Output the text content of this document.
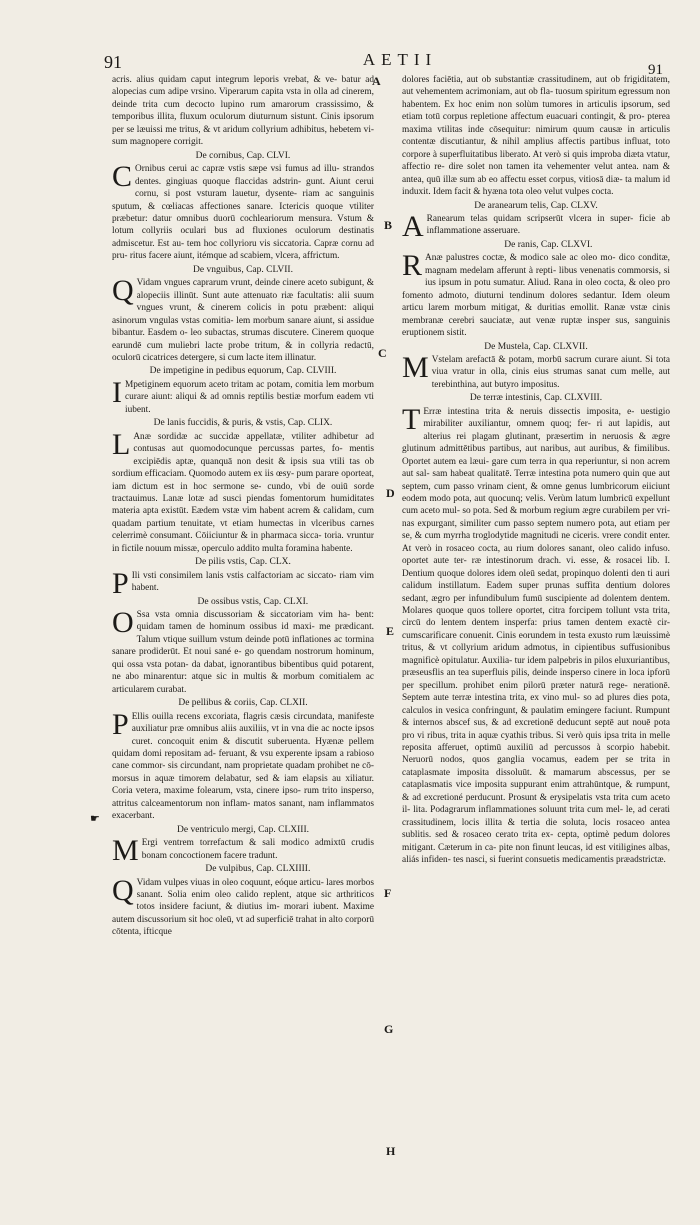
91	AETII
91
A
B
C
D
E
F
G
H
☛

acris. alius quidam caput integrum leporis vrebat, & ve- batur ad alopecias cum adipe vrsino. Viperarum capita vsta in olla ad cinerem, deinde trita cum decocto lupino rum amarorum crassissimo, & temporibus illita, fluxum oculorum diuturnum sistunt. Cinis ipsorum per se læuissi me tritus, & vt aridum collyrium adhibitus, hebetem vi- sum magnopere corrigit.

De cornibus, Cap. CLVI.

C Ornibus cerui ac capræ vstis sæpe vsi fumus ad illu- strandos dentes. gingiuas quoque flaccidas adstrin- gunt. Aiunt cerui cornu, si post vsturam lauetur, dysente- riam ac sanguinis sputum, & cœliacas affectiones sanare. Ictericis quoque vtiliter præbetur: datur omnibus duorū cochleariorum mensura. Vstum & lotum collyriis oculari bus ad fluxiones oculorum destinatis admiscetur. Est au- tem hoc collyrioru vis siccatoria. Capræ cornu ad pru- ritus facere aiunt, itémque ad scabiem, vlcera, affrictum.

De vnguibus, Cap. CLVII.

Q Vidam vngues caprarum vrunt, deinde cinere aceto subigunt, & alopeciis illinūt. Sunt aute attenuato riæ facultatis: alii suum vngues vrunt, & cinerem colicis in potu præbent: aliqui asinorum vngulas vstas comitia- lem morbum sanare aiunt, si assidue bibantur. Easdem o- leo subactas, strumas discutere. Cinerem quoque earundē cum muliebri lacte probe tritum, & in collyria redactū, oculorū cicatrices detergere, si cum lacte item illinatur.

De impetigine in pedibus equorum, Cap. CLVIII.

I Mpetiginem equorum aceto tritam ac potam, comitia lem morbum curare aiunt: aliqui & ad omnis reptilis bestiæ morfum eadem vti iubent.

De lanis fuccidis, & puris, & vstis, Cap. CLIX.

L Anæ sordidæ ac succidæ appellatæ, vtiliter adhibetur ad contusas aut quomodocunque percussas partes, fo- mentis excipiēdis aptæ, quanquā non desit & ipsis sua vtili tas ob sordium efficaciam. Quomodo autem ex iis œsy- pum parare oporteat, iam dictum est in hoc sermone se- cundo, vbi de ouiū sorde tractauimus. Lanæ lotæ ad susci piendas fomentorum humiditates materia apta existūt. Eædem vstæ vim habent acrem & calidam, cum quadam partium tenuitate, vt etiam humectas in vlceribus carnes celerrimè consumant. Cōiiciuntur & in pharmaca sicca- toria. vruntur in fictile nouum missæ, operculo addito multa foramina habente.

De pilis vstis, Cap. CLX.

P Ili vsti consimilem lanis vstis calfactoriam ac siccato- riam vim habent.

De ossibus vstis, Cap. CLXI.

O Ssa vsta omnia discussoriam & siccatoriam vim ha- bent: quidam tamen de hominum ossibus id maxi- me prædicant. Talum vtique suillum vstum deinde potū inflationes ac tormina sanare prodiderūt. Et noui sané e- go quendam nostrorum hominum, qui ossa vsta potan- da dabat, ignorantibus bibentibus quid potarent, ne abo minarentur: atque sic in multis & morbum comitialem ac articularem curabat.

De pellibus & coriis, Cap. CLXII.

P Ellis ouilla recens excoriata, flagris cæsis circundata, manifeste auxiliatur præ omnibus aliis auxiliis, vt in vna die ac nocte ipsos curet. concoquit enim & discutit suberuenta. Hyænæ pellem quidam domi repositam ad- feruant, & vsu experente ipsam a rabioso cane commor- sis circundant, nam proprietate quadam prohibet ne cō- morsus in aquæ timorem delabatur, sed & iam elapsis au xiliatur. Coria vetera, maxime folearum, vsta, cinere ipso- rum trito insperso, attritus calceamentorum non inflam- matos sanant, nam inflammatos exacerbant.

De ventriculo mergi, Cap. CLXIII.

M Ergi ventrem torrefactum & sali modico admixtū crudis bonam concoctionem facere tradunt.

De vulpibus, Cap. CLXIIII.

Q Vidam vulpes viuas in oleo coquunt, eóque articu- lares morbos sanant. Solia enim oleo calido replent, atque sic arthriticos totos insidere faciunt, & diutius im- morari iubent. Maxime autem discussorium sit hoc oleū, vt ad superficiē trahat in alto corporū cōtenta, ifticque

dolores faciētia, aut ob substantiæ crassitudinem, aut ob frigiditatem, aut vehementem acrimoniam, aut ob fla- tuosum spiritum egressum non habentem. Ex hoc enim non solùm tumores in articulis ipsorum, sed etiam totū corpus repletione affectum euacuari contingit, & pro- pterea maxima vtilitas inde cōsequitur: nimirum quum causæ in articulis contentæ discutiantur, & nihil amplius affectis partibus influat, toto corpore à superfluitatibus liberato. At verò si quis improba diæta vtatur, affectio re- dire solet non tamen ita vehementer velut antea. nam & antea, quū illæ sum ab eo affectu esset corpus, vitiosā diæ- ta malum id induxit. Idem facit & hyæna tota oleo velut vulpes cocta.

De aranearum telis, Cap. CLXV.

A Ranearum telas quidam scripserūt vlcera in super- ficie ab inflammatione asseruare.

De ranis, Cap. CLXVI.

R Anæ palustres coctæ, & modico sale ac oleo mo- dico conditæ, magnam medelam afferunt à repti- libus venenatis commorsis, si ius ipsum in potu sumatur. Aliud. Rana in oleo cocta, & oleo pro fomento admoto, diuturni tendinum dolores sedantur. Idem oleum articu larem morbum mitigat, & duritias emollit. Ranæ vstæ cinis membranæ cerebri sauciatæ, aut venæ ruptæ insper sus, sanguinis eruptionem sistit.

De Mustela, Cap. CLXVII.

M Vstelam arefactā & potam, morbū sacrum curare aiunt. Si tota viua vratur in olla, cinis eius strumas sanat cum melle, aut terebinthina, aut butyro impositus.

De terræ intestinis, Cap. CLXVIII.

T Erræ intestina trita & neruis dissectis imposita, e- uestigio mirabiliter auxiliantur, omnem quoq; fer- ri aut lapidis, aut alterius rei plagam glutinant, præsertim in neruosis & ægre glutinum admittētibus partibus, aut naribus, aut auribus, & fimilibus. Oportet autem ea læui- gare cum terra in qua reperiuntur, si non acrem aut sal- sam habeat qualitatē. Terræ intestina pota numero quin que aut septem, cum passo vrinam cient, & omne genus lumbricorum eiiciunt eodem modo pota, aut quocunq; velis. Verùm latum lumbricū expellunt cum aceto mul- so pota. Sed & morbum regium ægre curabilem per vri- nas expurgant, similiter cum passo septem numero pota, aut etiam per se, & cum myrrha troglodytide magnitudi ne ciceris. vrere condit enter. At verò in rosaceo cocta, au rium dolores sanant, oleo calido infuso. oportet aute ter- ræ intestinorum drach. vi. esse, & rosacei lib. I. Dentium quoque dolores idem oleū sedat, propinquo dolenti den ti auri calidum instillatum. Eadem super prunas suffita dentium dolores sedant, ægro per infundibulum fumū suscipiente ad dolentem dentem. Molares quoque quos tollere oportet, citra forcipem tollunt vsta trita, circū do lentem dentem insperfa: prius tamen dentem exactè cir- cumscarificare conuenit. Cinis eorundem in testa exusto rum læuissimè tritus, & vt collyrium aridum admotus, in cipientibus suffusionibus magnificè opitulatur. Auxilia- tur idem palpebris in pilos eluxuriantibus, præseusflis an tea superfluis pilis, deinde insperso cinere in loca ipforū per specillum. prohibet enim pilorū præter naturā rege- nerationē. Septem aute terræ intestina trita, ex vino mul- so ad plures dies pota, calculos in vesica confringunt, & paulatim emingere faciunt. Rumpunt & internos abscef sus, & ad excretionē deducunt septē aut nouē pota pro vi ribus, trita in aquæ cyathis tribus. Si verò quis ipsa trita in melle reposita afferuet, optimū auxiliū ad percussos à scorpio habebit. Neruorū nodos, quos ganglia vocamus, eadem per se trita in cataplasmate imposita dissoluūt. & mamarum abscessus, per se cataplasmatis vice imposita suppurant enim attrahūntque, & rumpunt, & ad excretioné perducunt. Prosunt & erysipelatis vsta trita cum aceto il- lita. Podagrarum inflammationes soluunt trita cum mel- le, ad cerati crassitudinem, locis illita & tertia die soluta, locis rosaceo antea sublitis. sed & rosaceo cerato trita ex- cepta, optimè pedum dolores mitigant. Cæterum in ca- pite non finunt leucas, id est vitiligines albas, aliás infiden- tes nasci, si fuerint consuetis medicamentis præadstrictæ.
